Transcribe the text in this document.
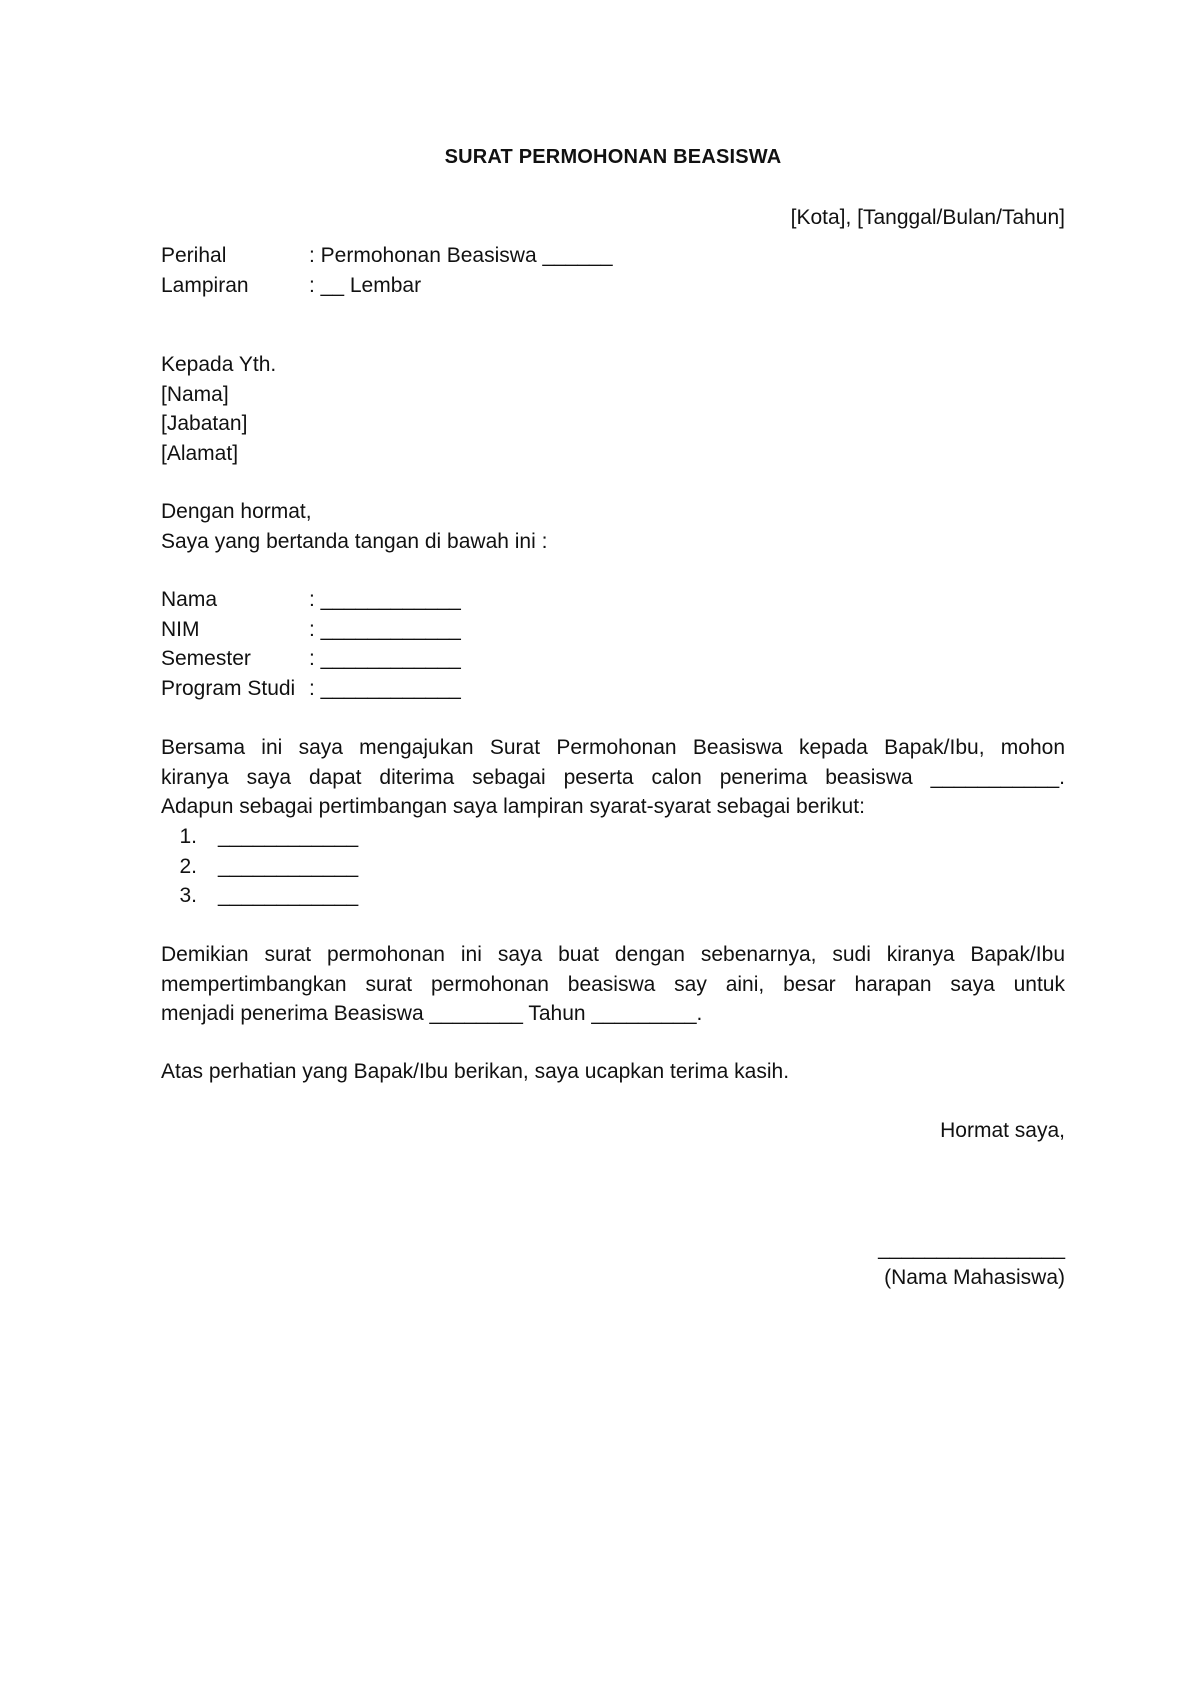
SURAT PERMOHONAN BEASISWA
[Kota], [Tanggal/Bulan/Tahun]
Perihal	: Permohonan Beasiswa ______
Lampiran	: __ Lembar
Kepada Yth.
[Nama]
[Jabatan]
[Alamat]
Dengan hormat,
Saya yang bertanda tangan di bawah ini :
Nama	: ____________
NIM	: ____________
Semester	: ____________
Program Studi : ____________
Bersama ini saya mengajukan Surat Permohonan Beasiswa kepada Bapak/Ibu, mohon
kiranya saya dapat diterima sebagai peserta calon penerima beasiswa ___________.
Adapun sebagai pertimbangan saya lampiran syarat-syarat sebagai berikut:
1. ____________
2. ____________
3. ____________
Demikian surat permohonan ini saya buat dengan sebenarnya, sudi kiranya Bapak/Ibu
mempertimbangkan surat permohonan beasiswa say aini, besar harapan saya untuk
menjadi penerima Beasiswa ________ Tahun _________.
Atas perhatian yang Bapak/Ibu berikan, saya ucapkan terima kasih.
Hormat saya,
________________
(Nama Mahasiswa)
